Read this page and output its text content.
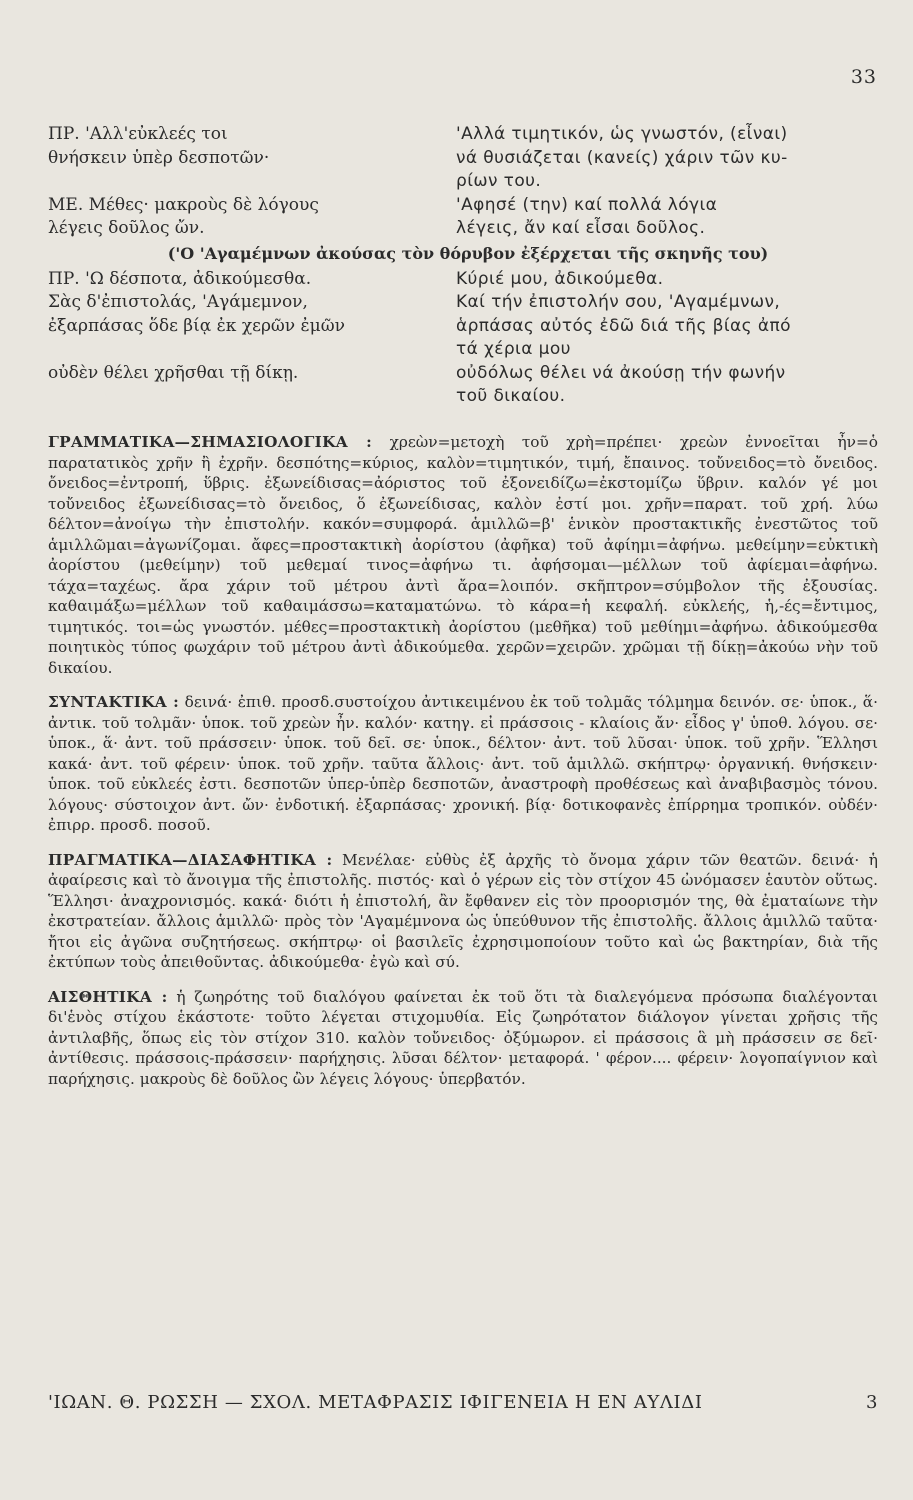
33
ΠΡ. 'Αλλ'εὐκλεές τοι	'Αλλά τιμητικόν, ὡς γνωστόν, (εἶναι)
θνήσκειν ὑπὲρ δεσποτῶν·	νά θυσιάζεται (κανείς) χάριν τῶν κυ-
ρίων του.
ΜΕ. Μέθες· μακροὺς δὲ λόγους	'Αφησέ (την) καί πολλά λόγια
λέγεις δοῦλος ὤν.	λέγεις, ἄν καί εἶσαι δοῦλος.
('Ο 'Αγαμέμνων ἀκούσας τὸν θόρυβον ἐξέρχεται τῆς σκηνῆς του)
ΠΡ. 'Ω δέσποτα, ἀδικούμεσθα.	Κύριέ μου, ἀδικούμεθα.
Σὰς δ'ἐπιστολάς, 'Αγάμεμνον,	Καί τήν ἐπιστολήν σου, 'Αγαμέμνων,
ἐξαρπάσας ὅδε βίᾳ ἐκ χερῶν ἐμῶν	ἁρπάσας αὐτός ἐδῶ διά τῆς βίας ἀπό
τά χέρια μου
οὐδὲν θέλει χρῆσθαι τῇ δίκῃ.	οὐδόλως θέλει νά ἀκούσῃ τήν φωνήν
τοῦ δικαίου.

ΓΡΑΜΜΑΤΙΚΑ—ΣΗΜΑΣΙΟΛΟΓΙΚΑ : χρεὼν=μετοχὴ τοῦ χρὴ=πρέπει· χρεὼν ἐννοεῖται ἦν=ὁ παρατατικὸς χρῆν ἢ ἐχρῆν. δεσπότης=κύριος, καλὸν=τιμητικόν, τιμή, ἔπαινος. τοὔνειδος=τὸ ὄνειδος. ὄνειδος=ἐντροπή, ὕβρις. ἐξωνείδισας=ἀόριστος τοῦ ἐξονειδίζω=ἐκστομίζω ὕβριν. καλόν γέ μοι τοὔνειδος ἐξωνείδισας=τὸ ὄνειδος, ὅ ἐξωνείδισας, καλὸν ἐστί μοι. χρῆν=παρατ. τοῦ χρή. λύω δέλτον=ἀνοίγω τὴν ἐπιστολήν. κακόν=συμφορά. ἁμιλλῶ=β' ἑνικὸν προστακτικῆς ἐνεστῶτος τοῦ ἁμιλλῶμαι=ἀγωνίζομαι. ἄφες=προστακτικὴ ἀορίστου (ἀφῆκα) τοῦ ἀφίημι=ἀφήνω. μεθείμην=εὐκτικὴ ἀορίστου (μεθείμην) τοῦ μεθεμαί τινος=ἀφήνω τι. ἀφήσομαι—μέλλων τοῦ ἀφίεμαι=ἀφήνω. τάχα=ταχέως. ἄρα χάριν τοῦ μέτρου ἀντὶ ἄρα=λοιπόν. σκῆπτρον=σύμβολον τῆς ἐξουσίας. καθαιμάξω=μέλλων τοῦ καθαιμάσσω=καταματώνω. τὸ κάρα=ἡ κεφαλή. εὐκλεής, ἡ,-ές=ἔντιμος, τιμητικός. τοι=ὡς γνωστόν. μέθες=προστακτικὴ ἀορίστου (μεθῆκα) τοῦ μεθίημι=ἀφήνω. ἀδικούμεσθα ποιητικὸς τύπος φωχάριν τοῦ μέτρου ἀντὶ ἀδικούμεθα. χερῶν=χειρῶν. χρῶμαι τῇ δίκῃ=ἀκούω νὴν τοῦ δικαίου.

ΣΥΝΤΑΚΤΙΚΑ : δεινά· ἐπιθ. προσδ.συστοίχου ἀντικειμένου ἐκ τοῦ τολμᾶς τόλμημα δεινόν. σε· ὑποκ., ἅ· ἀντικ. τοῦ τολμᾶν· ὑποκ. τοῦ χρεὼν ἦν. καλόν· κατηγ. εἰ πράσσοις - κλαίοις ἄν· εἶδος γ' ὑποθ. λόγου. σε· ὑποκ., ἅ· ἀντ. τοῦ πράσσειν· ὑποκ. τοῦ δεῖ. σε· ὑποκ., δέλτον· ἀντ. τοῦ λῦσαι· ὑποκ. τοῦ χρῆν. Ἕλλησι κακά· ἀντ. τοῦ φέρειν· ὑποκ. τοῦ χρῆν. ταῦτα ἄλλοις· ἀντ. τοῦ ἁμιλλῶ. σκήπτρῳ· ὀργανική. θνήσκειν· ὑποκ. τοῦ εὐκλεές ἐστι. δεσποτῶν ὑπερ-ὑπὲρ δεσποτῶν, ἀναστροφὴ προθέσεως καὶ ἀναβιβασμὸς τόνου. λόγους· σύστοιχον ἀντ. ὤν· ἐνδοτική. ἐξαρπάσας· χρονική. βίᾳ· δοτικοφανὲς ἐπίρρημα τροπικόν. οὐδέν· ἐπιρρ. προσδ. ποσοῦ.

ΠΡΑΓΜΑΤΙΚΑ—ΔΙΑΣΑΦΗΤΙΚΑ : Μενέλαε· εὐθὺς ἐξ ἀρχῆς τὸ ὄνομα χάριν τῶν θεατῶν. δεινά· ἡ ἀφαίρεσις καὶ τὸ ἄνοιγμα τῆς ἐπιστολῆς. πιστός· καὶ ὁ γέρων εἰς τὸν στίχον 45 ὠνόμασεν ἑαυτὸν οὕτως. Ἕλλησι· ἀναχρονισμός. κακά· διότι ἡ ἐπιστολή, ἂν ἔφθανεν εἰς τὸν προορισμόν της, θὰ ἐματαίωνε τὴν ἐκστρατείαν. ἄλλοις ἁμιλλῶ· πρὸς τὸν 'Αγαμέμνονα ὡς ὑπεύθυνον τῆς ἐπιστολῆς. ἄλλοις ἁμιλλῶ ταῦτα· ἤτοι εἰς ἀγῶνα συζητήσεως. σκήπτρῳ· οἱ βασιλεῖς ἐχρησιμοποίουν τοῦτο καὶ ὡς βακτηρίαν, διὰ τῆς ἐκτύπων τοὺς ἀπειθοῦντας. ἀδικούμεθα· ἐγὼ καὶ σύ.

ΑΙΣΘΗΤΙΚΑ : ἡ ζωηρότης τοῦ διαλόγου φαίνεται ἐκ τοῦ ὅτι τὰ διαλεγόμενα πρόσωπα διαλέγονται δι'ἑνὸς στίχου ἑκάστοτε· τοῦτο λέγεται στιχομυθία. Εἰς ζωηρότατον διάλογον γίνεται χρῆσις τῆς ἀντιλαβῆς, ὅπως εἰς τὸν στίχον 310. καλὸν τοὔνειδος· ὀξύμωρον. εἰ πράσσοις ἃ μὴ πράσσειν σε δεῖ· ἀντίθεσις. πράσσοις-πράσσειν· παρήχησις. λῦσαι δέλτον· μεταφορά. ' φέρον.... φέρειν· λογοπαίγνιον καὶ παρήχησις. μακροὺς δὲ δοῦλος ὢν λέγεις λόγους· ὑπερβατόν.

'ΙΩΑΝ. Θ. ΡΩΣΣΗ — ΣΧΟΛ. ΜΕΤΑΦΡΑΣΙΣ ΙΦΙΓΕΝΕΙΑ Η ΕΝ ΑΥΛΙΔΙ	3
